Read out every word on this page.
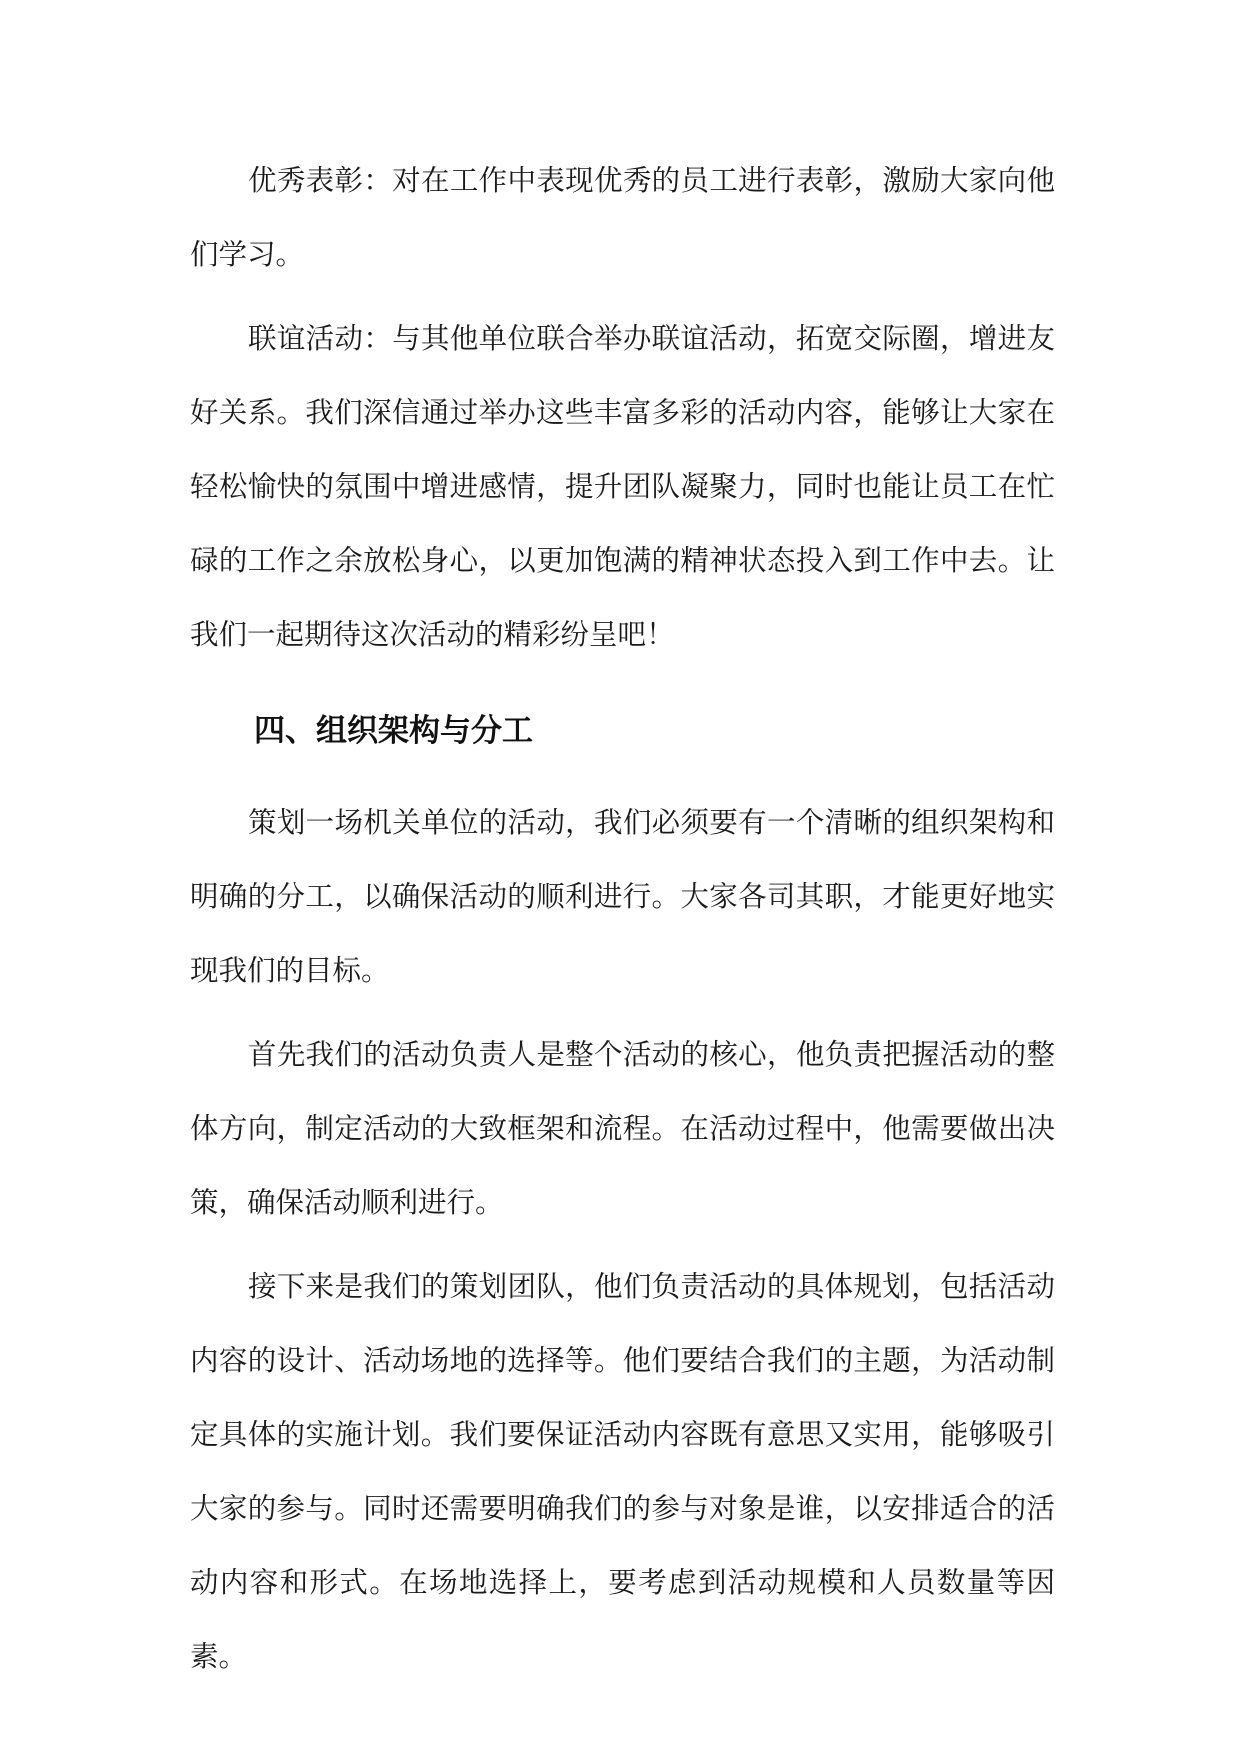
优秀表彰：对在工作中表现优秀的员工进行表彰，激励大家向他们学习。

联谊活动：与其他单位联合举办联谊活动，拓宽交际圈，增进友好关系。我们深信通过举办这些丰富多彩的活动内容，能够让大家在轻松愉快的氛围中增进感情，提升团队凝聚力，同时也能让员工在忙碌的工作之余放松身心，以更加饱满的精神状态投入到工作中去。让我们一起期待这次活动的精彩纷呈吧！

四、组织架构与分工

策划一场机关单位的活动，我们必须要有一个清晰的组织架构和明确的分工，以确保活动的顺利进行。大家各司其职，才能更好地实现我们的目标。

首先我们的活动负责人是整个活动的核心，他负责把握活动的整体方向，制定活动的大致框架和流程。在活动过程中，他需要做出决策，确保活动顺利进行。

接下来是我们的策划团队，他们负责活动的具体规划，包括活动内容的设计、活动场地的选择等。他们要结合我们的主题，为活动制定具体的实施计划。我们要保证活动内容既有意思又实用，能够吸引大家的参与。同时还需要明确我们的参与对象是谁，以安排适合的活动内容和形式。在场地选择上，要考虑到活动规模和人员数量等因素。
